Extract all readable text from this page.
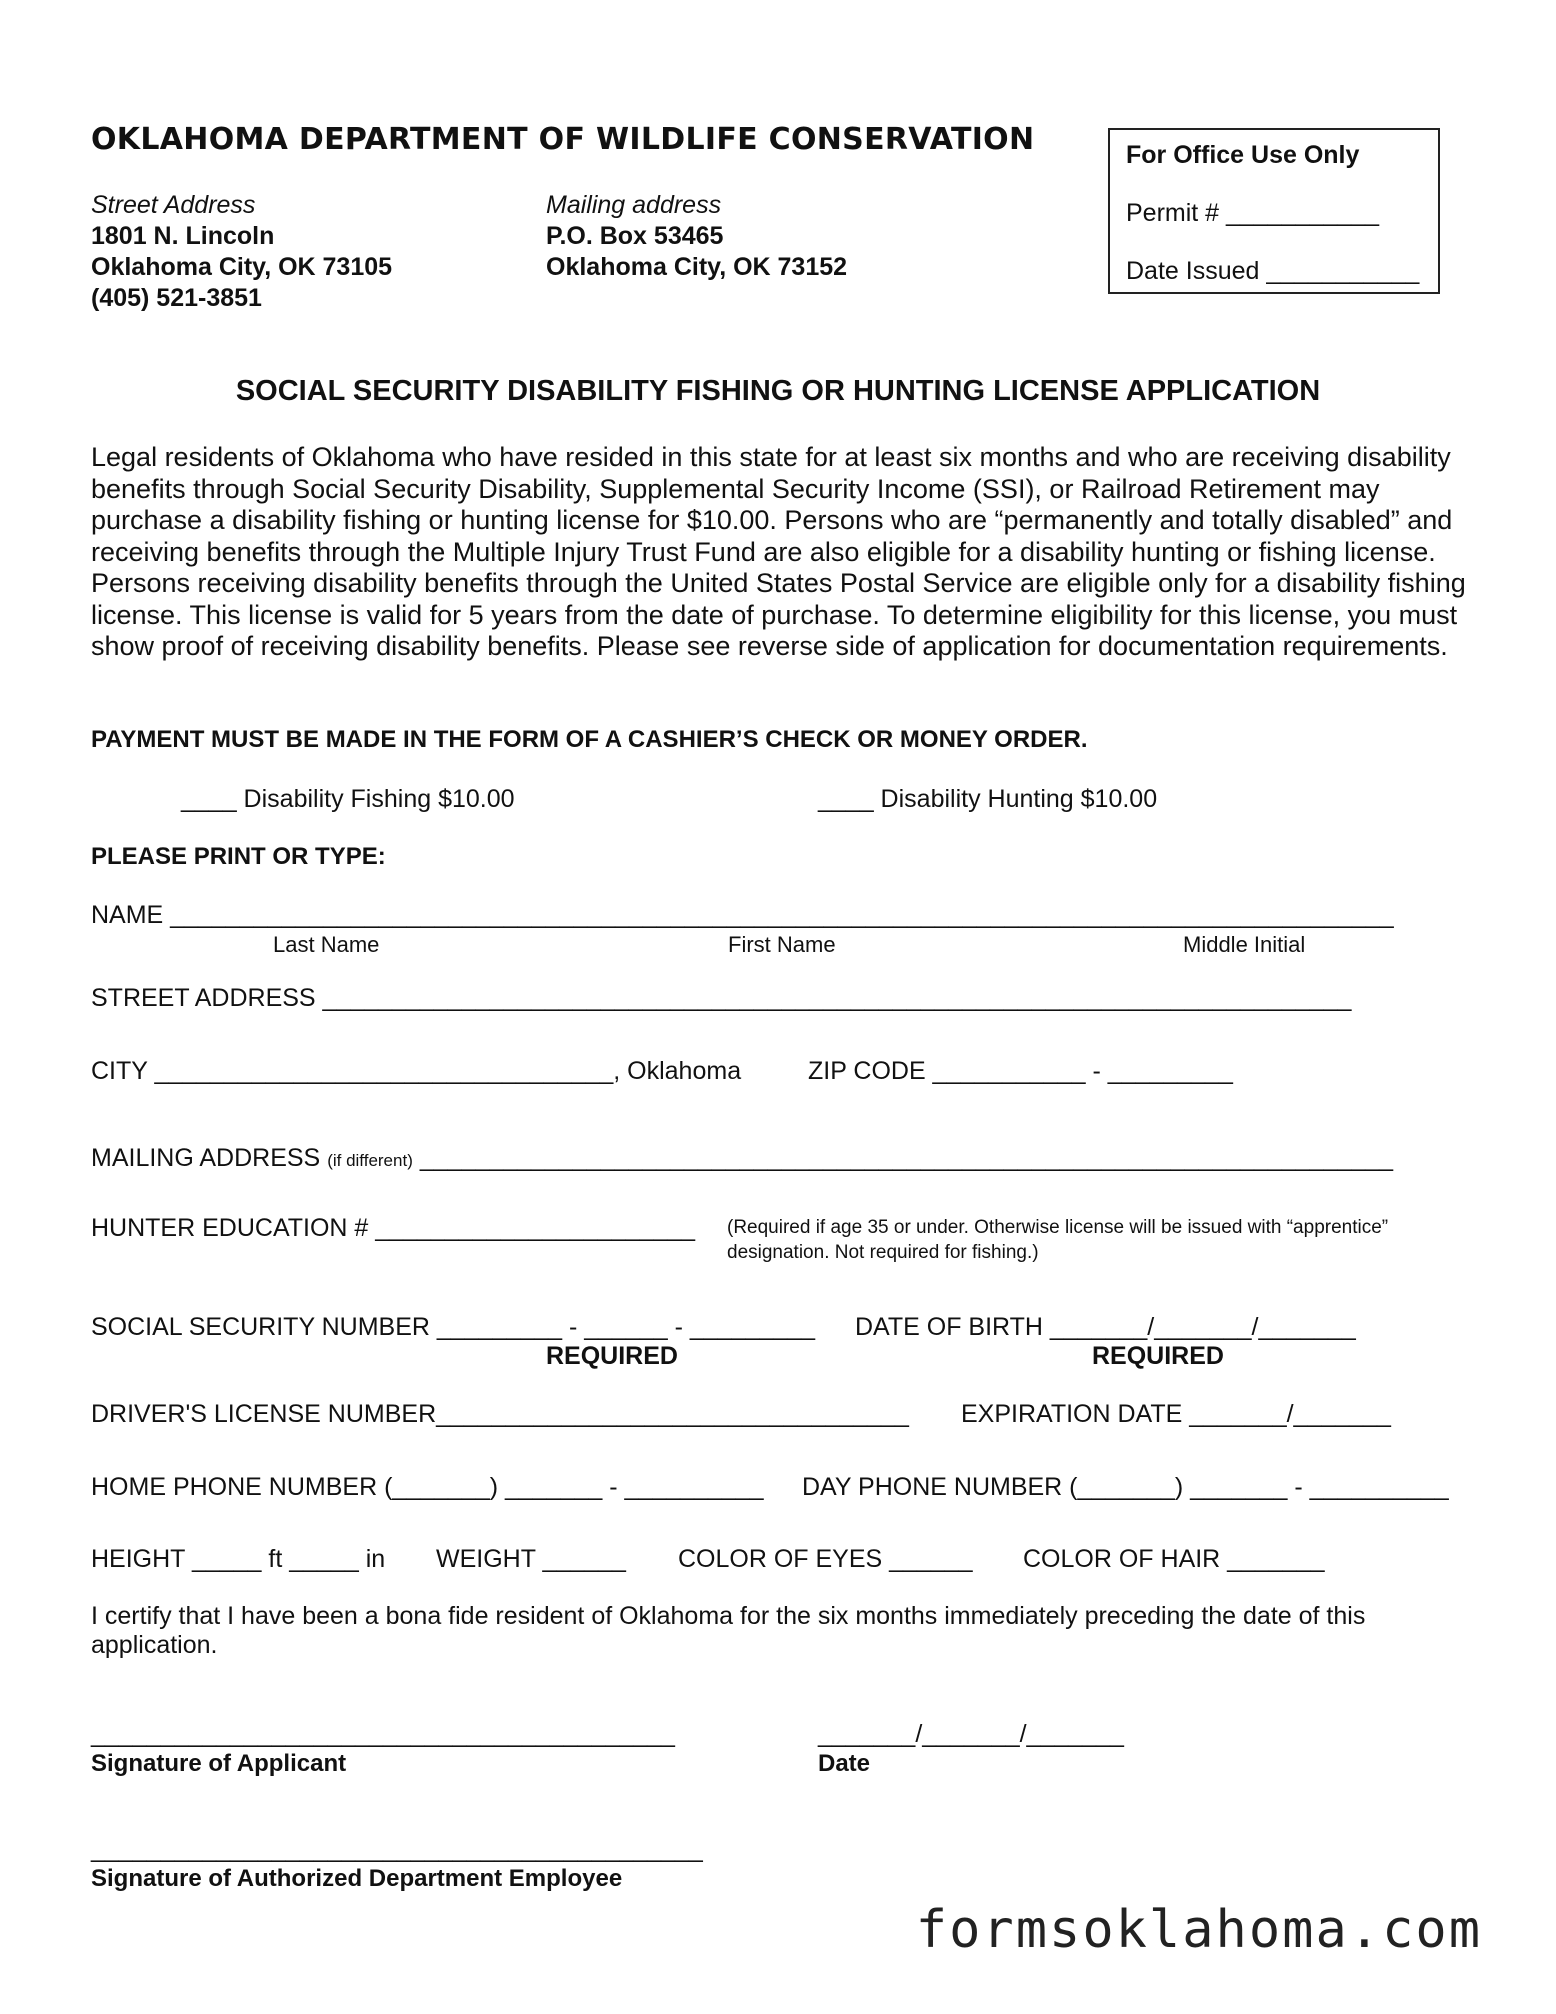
OKLAHOMA DEPARTMENT OF WILDLIFE CONSERVATION
Street Address
1801 N. Lincoln
Oklahoma City, OK 73105
(405) 521-3851
Mailing address
P.O. Box 53465
Oklahoma City, OK 73152
For Office Use Only
Permit # ___________
Date Issued ___________
SOCIAL SECURITY DISABILITY FISHING OR HUNTING LICENSE APPLICATION
Legal residents of Oklahoma who have resided in this state for at least six months and who are receiving disability benefits through Social Security Disability, Supplemental Security Income (SSI), or Railroad Retirement may purchase a disability fishing or hunting license for $10.00. Persons who are “permanently and totally disabled” and receiving benefits through the Multiple Injury Trust Fund are also eligible for a disability hunting or fishing license. Persons receiving disability benefits through the United States Postal Service are eligible only for a disability fishing license. This license is valid for 5 years from the date of purchase. To determine eligibility for this license, you must show proof of receiving disability benefits. Please see reverse side of application for documentation requirements.
PAYMENT MUST BE MADE IN THE FORM OF A CASHIER’S CHECK OR MONEY ORDER.
____ Disability Fishing $10.00	____ Disability Hunting $10.00
PLEASE PRINT OR TYPE:
NAME ________________________________________________________________________________________
Last Name	First Name	Middle Initial
STREET ADDRESS __________________________________________________________________________
CITY _________________________________, Oklahoma	ZIP CODE ___________ - _________
MAILING ADDRESS (if different) ______________________________________________________________________
HUNTER EDUCATION # _______________________ (Required if age 35 or under. Otherwise license will be issued with “apprentice” designation. Not required for fishing.)
SOCIAL SECURITY NUMBER _________ - ______ - _________
REQUIRED
DATE OF BIRTH _______/_______/_______
REQUIRED
DRIVER'S LICENSE NUMBER__________________________________ EXPIRATION DATE _______/_______
HOME PHONE NUMBER (_______) _______ - __________ DAY PHONE NUMBER (_______) _______ - __________
HEIGHT _____ ft _____ in WEIGHT ______ COLOR OF EYES ______ COLOR OF HAIR _______
I certify that I have been a bona fide resident of Oklahoma for the six months immediately preceding the date of this application.
__________________________________________
Signature of Applicant
_______/_______/_______
Date
____________________________________________
Signature of Authorized Department Employee
formsoklahoma.com
